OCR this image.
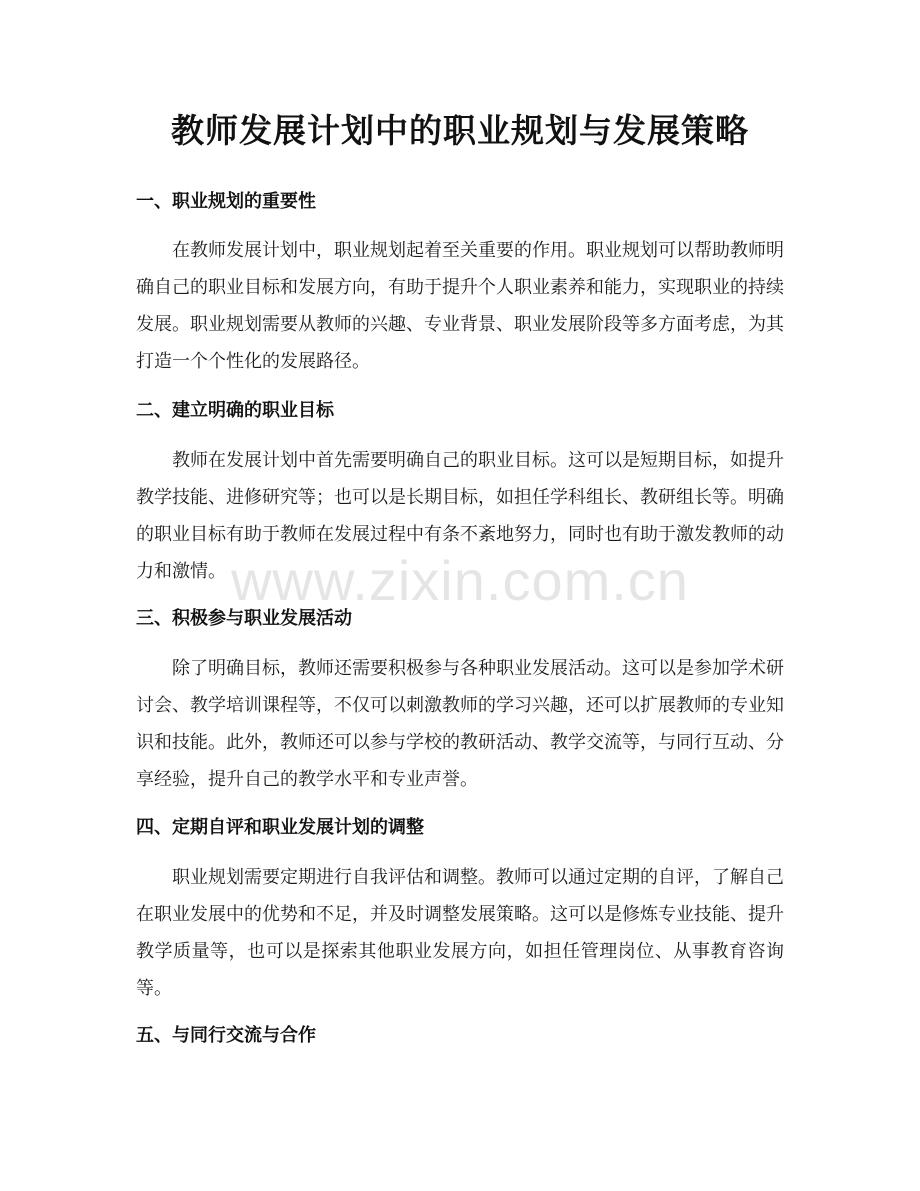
教师发展计划中的职业规划与发展策略
一、职业规划的重要性

在教师发展计划中，职业规划起着至关重要的作用。职业规划可以帮助教师明确自己的职业目标和发展方向，有助于提升个人职业素养和能力，实现职业的持续发展。职业规划需要从教师的兴趣、专业背景、职业发展阶段等多方面考虑，为其打造一个个性化的发展路径。

二、建立明确的职业目标

教师在发展计划中首先需要明确自己的职业目标。这可以是短期目标，如提升教学技能、进修研究等；也可以是长期目标，如担任学科组长、教研组长等。明确的职业目标有助于教师在发展过程中有条不紊地努力，同时也有助于激发教师的动力和激情。

三、积极参与职业发展活动

除了明确目标，教师还需要积极参与各种职业发展活动。这可以是参加学术研讨会、教学培训课程等，不仅可以刺激教师的学习兴趣，还可以扩展教师的专业知识和技能。此外，教师还可以参与学校的教研活动、教学交流等，与同行互动、分享经验，提升自己的教学水平和专业声誉。

四、定期自评和职业发展计划的调整

职业规划需要定期进行自我评估和调整。教师可以通过定期的自评，了解自己在职业发展中的优势和不足，并及时调整发展策略。这可以是修炼专业技能、提升教学质量等，也可以是探索其他职业发展方向，如担任管理岗位、从事教育咨询等。

五、与同行交流与合作
www.zixin.com.cn
